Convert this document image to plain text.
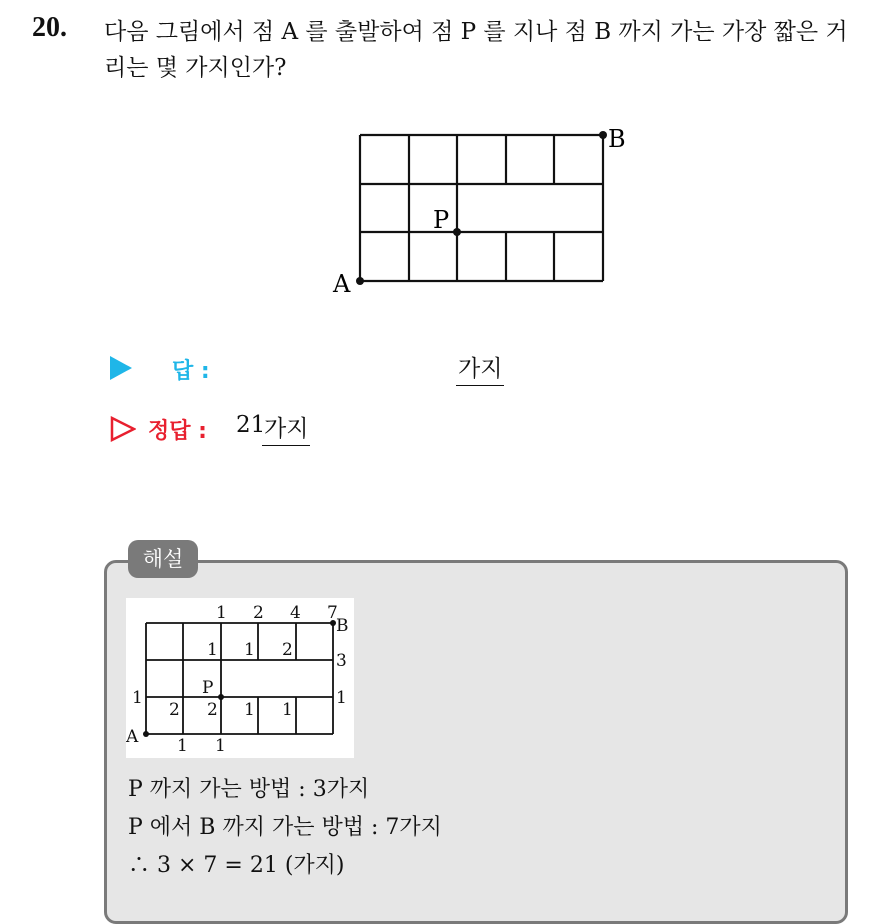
20. 다음 그림에서 점 A 를 출발하여 점 P 를 지나 점 B 까지 가는 가장 짧은 거리는 몇 가지인가?
A
B
P
답 :	가지
정답 : 21
가지
해설
A
B
P
1 2 4 7
1 1 2
3
1
1
2 2 1 1
1 1
P 까지 가는 방법 : 3가지
P 에서 B 까지 가는 방법 : 7가지
∴ 3 × 7 = 21 (가지)
